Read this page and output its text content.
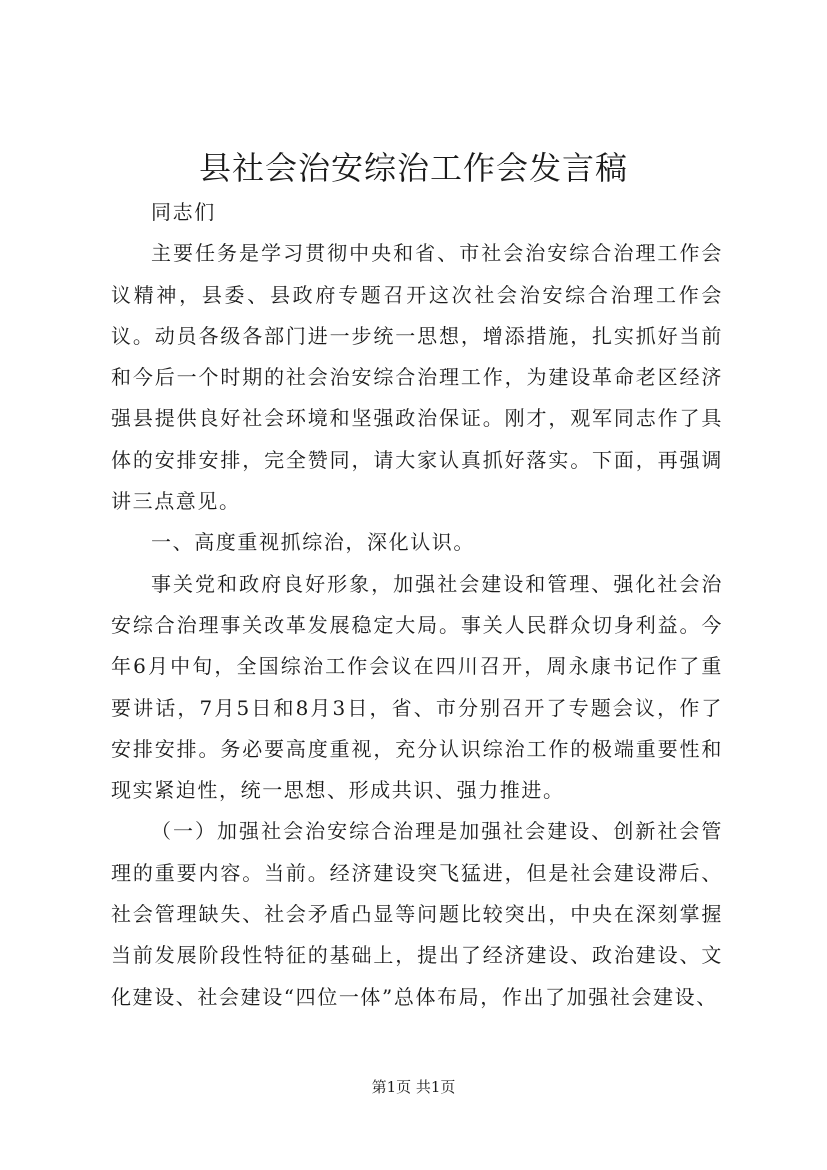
县社会治安综治工作会发言稿

同志们

主要任务是学习贯彻中央和省、市社会治安综合治理工作会议精神，县委、县政府专题召开这次社会治安综合治理工作会议。动员各级各部门进一步统一思想，增添措施，扎实抓好当前和今后一个时期的社会治安综合治理工作，为建设革命老区经济强县提供良好社会环境和坚强政治保证。刚才，观军同志作了具体的安排安排，完全赞同，请大家认真抓好落实。下面，再强调讲三点意见。

一、高度重视抓综治，深化认识。

事关党和政府良好形象，加强社会建设和管理、强化社会治安综合治理事关改革发展稳定大局。事关人民群众切身利益。今年6月中旬，全国综治工作会议在四川召开，周永康书记作了重要讲话，7月5日和8月3日，省、市分别召开了专题会议，作了安排安排。务必要高度重视，充分认识综治工作的极端重要性和现实紧迫性，统一思想、形成共识、强力推进。

（一）加强社会治安综合治理是加强社会建设、创新社会管理的重要内容。当前。经济建设突飞猛进，但是社会建设滞后、社会管理缺失、社会矛盾凸显等问题比较突出，中央在深刻掌握当前发展阶段性特征的基础上，提出了经济建设、政治建设、文化建设、社会建设“四位一体”总体布局，作出了加强社会建设、

第1页 共1页
